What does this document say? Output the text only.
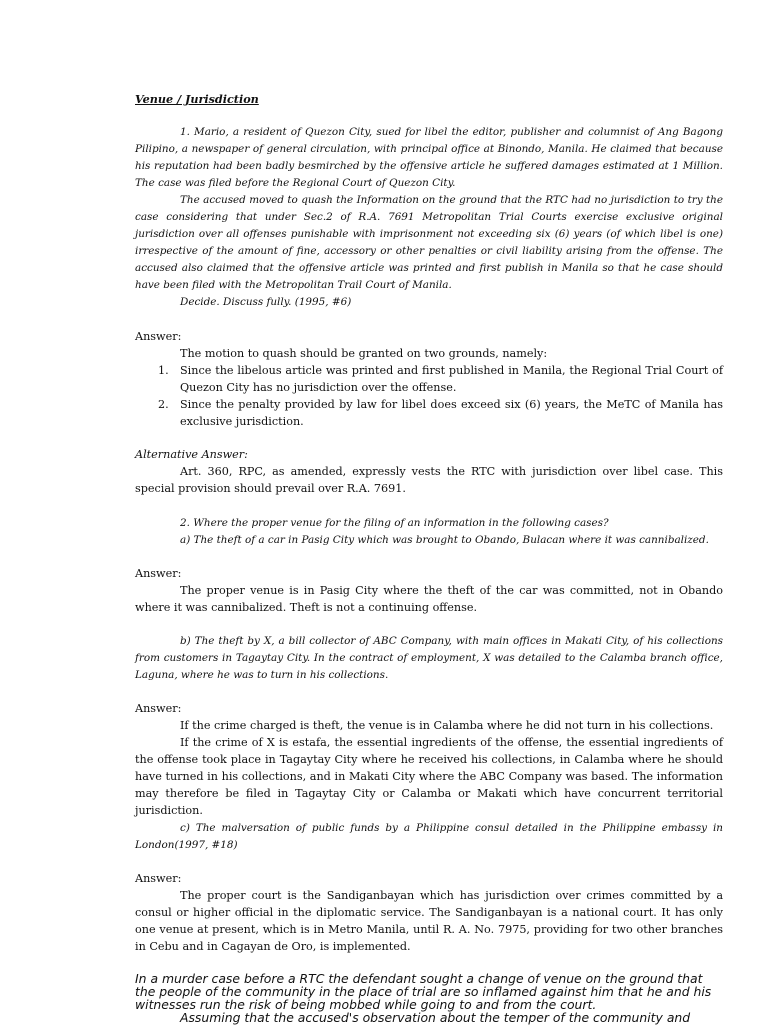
Venue / Jurisdiction

1. Mario, a resident of Quezon City, sued for libel the editor, publisher and columnist of Ang Bagong Pilipino, a newspaper of general circulation, with principal office at Binondo, Manila. He claimed that because his reputation had been badly besmirched by the offensive article he suffered damages estimated at 1 Million. The case was filed before the Regional Court of Quezon City.

The accused moved to quash the Information on the ground that the RTC had no jurisdiction to try the case considering that under Sec.2 of R.A. 7691 Metropolitan Trial Courts exercise exclusive original jurisdiction over all offenses punishable with imprisonment not exceeding six (6) years (of which libel is one) irrespective of the amount of fine, accessory or other penalties or civil liability arising from the offense. The accused also claimed that the offensive article was printed and first publish in Manila so that he case should have been filed with the Metropolitan Trail Court of Manila.

Decide. Discuss fully. (1995, #6)

Answer:

The motion to quash should be granted on two grounds, namely:

1. Since the libelous article was printed and first published in Manila, the Regional Trial Court of Quezon City has no jurisdiction over the offense.
2. Since the penalty provided by law for libel does exceed six (6) years, the MeTC of Manila has exclusive jurisdiction.

Alternative Answer:

Art. 360, RPC, as amended, expressly vests the RTC with jurisdiction over libel case. This special provision should prevail over R.A. 7691.

2. Where the proper venue for the filing of an information in the following cases?

a) The theft of a car in Pasig City which was brought to Obando, Bulacan where it was cannibalized.

Answer:

The proper venue is in Pasig City where the theft of the car was committed, not in Obando where it was cannibalized. Theft is not a continuing offense.

b) The theft by X, a bill collector of ABC Company, with main offices in Makati City, of his collections from customers in Tagaytay City. In the contract of employment, X was detailed to the Calamba branch office, Laguna, where he was to turn in his collections.

Answer:

If the crime charged is theft, the venue is in Calamba where he did not turn in his collections.

If the crime of X is estafa, the essential ingredients of the offense, the essential ingredients of the offense took place in Tagaytay City where he received his collections, in Calamba where he should have turned in his collections, and in Makati City where the ABC Company was based. The information may therefore be filed in Tagaytay City or Calamba or Makati which have concurrent territorial jurisdiction.

c) The malversation of public funds by a Philippine consul detailed in the Philippine embassy in London(1997, #18)

Answer:

The proper court is the Sandiganbayan which has jurisdiction over crimes committed by a consul or higher official in the diplomatic service. The Sandiganbayan is a national court. It has only one venue at present, which is in Metro Manila, until R. A. No. 7975, providing for two other branches in Cebu and in Cagayan de Oro, is implemented.

In a murder case before a RTC the defendant sought a change of venue on the ground that the people of the community in the place of trial are so inflamed against him that he and his witnesses run the risk of being mobbed while going to and from the court.

Assuming that the accused's observation about the temper of the community and
